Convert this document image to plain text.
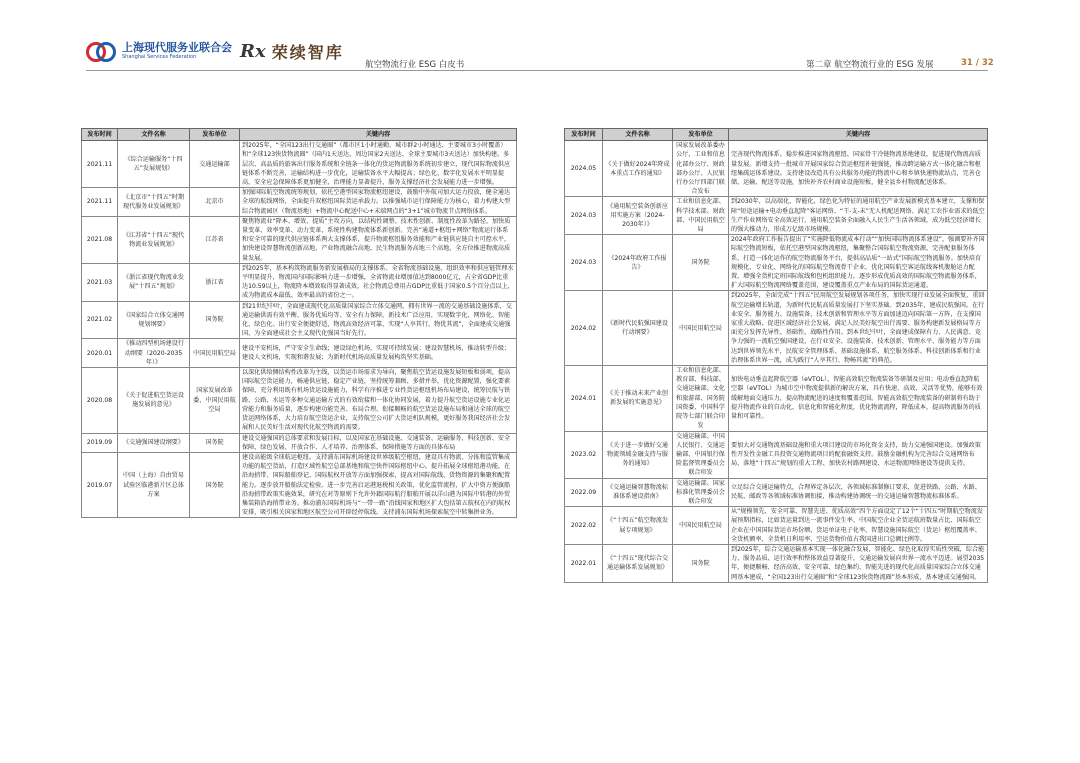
上海现代服务业联合会
Shanghai Services Federation	Rx 荣续智库
航空物流行业 ESG 白皮书	第二章 航空物流行业的 ESG 发展	31 / 32
发布时间	文件名称	发布单位	关键内容
2021.11	《综合运输服务“十四五”发展规划》	交通运输部	到2025年，“全国123出行交通圈”（都市区1小时通勤、城市群2小时通达、主要城市3小时覆盖）和“全球123快货物流圈”（国内1天送达、周边国家2天送达、全球主要城市3天送达）加快构建。多层次、高品质的旅客出行服务系统和全链条一体化的货运物流服务系统初步建立，现代国际物流供应链体系不断完善，运输结构进一步优化，运输装备水平大幅提高；绿色化、数字化发展水平明显提高，安全应急保障体系更加健全，治理能力显著提升，服务支撑经济社会发展能力进一步增强。
2021.11	《北京市“十四五”时期现代服务业发展规划》	北京市	加强国际航空物流统筹规划，依托空港型国家物流枢纽建设，鼓励中外航司加大运力投放，健全通达全球的航线网络，全面提升双枢纽国际货运承载力。以推强城市运行保障能力为核心，着力构建大型综合物流园区（物流基地）+物流中心配送中心+末端网点的“3+1”城市物流节点网络体系。
2021.08	《江苏省“十四五”现代物流业发展规划》	江苏省	聚焦物流业“降本、增效、提质”主攻方向，以结构性调整、技术性创新、制度性改革为路径，加快质量变革、效率变革、动力变革，系统性构建物流体系新创新。完善“通道+枢纽+网络”物流运行体系和安全可靠的现代供应链体系两大支撑体系，提升物流枢纽服务效能和产业链供应链自主可控水平，加快建设智慧物流创新高地、产业物流融合高地、民生物流服务高地三个高地，全方位推进物流高质量发展。
2021.03	《浙江省现代物流业发展“十四五”规划》	浙江省	到2025年，基本构筑物流服务新发展格局的支撑体系。全省物流基础设施、组织效率和供应链管理水平明显提升，物流国内国际影响力进一步增强，全省物流业增加值达到8000亿元，占全省GDP比重达10.59以上，物流降本增效取得显著成效，社会物流总费用占GDP比重低于国家0.5个百分点以上，成为物流成本最低、效率最高的省份之一。
2021.02	《国家综合立体交通网规划纲要》	国务院	到21世纪中叶，全面建成现代化高质量国家综合立体交通网，拥有世界一流的交通基础设施体系，交通运输供需有效平衡、服务优质均等、安全有力保障。新技术广泛应用，实现数字化、网络化、智能化、绿色化。出行安全便捷舒适，物流高效经济可靠，实现“人享其行、物优其流”，全面建成交通强国，为全面建成社会主义现代化强国当好先行。
2020.01	《推动四型机场建设行动纲要（2020-2035年）》	中国民用航空局	建设平安机场，严守安全生命线；建设绿色机场，实现可持续发展；建设智慧机场，推动转型升级；建设人文机场，实现和谐发展；为新时代机场高质量发展构筑坚实基础。
2020.08	《关于促进航空货运设施发展的意见》	国家发展改革委、中国民用航空局	以深化供给侧结构性改革为主线，以货运市场需求为导向，聚焦航空货运设施发展短板和弱项，提高国际航空货运能力，畅通供应链，稳定产业链，坚持统筹兼顾、多措并举，优化资源配置，强化要素保障，充分利用既有机场货运设施能力，科学有序推进专业性货运枢纽机场布局建设，统筹民航与铁路、公路、水运等多种交通运输方式的有效衔接和一体化协同发展，着力提升航空货运设施专业化运营能力和服务质量，逐步构建功能完善、布局合理、衔接顺畅的航空货运设施布局和通达全球的航空货运网络体系，大力培育航空货运企业，支持航空公司扩大货运机队规模，更好服务我国经济社会发展和人民美好生活对现代化航空物流的需要。
2019.09	《交通强国建设纲要》	国务院	建设交通强国的总体要求和发展目标，以及国家在基础设施、交通装备、运输服务、科技创新、安全保障、绿色发展、开放合作、人才培养、治理体系、保障措施等方面的具体布局
2019.07	中国（上海）自由贸易试验区临港新片区总体方案	国务院	建设高能级全球航运枢纽。支持浦东国际机场建设世界级航空枢纽，建设具有物流、分拣和监管集成功能的航空货站，打造区域性航空总部基地和航空快件国际枢纽中心。提升拓展全球枢纽港功能，在沿海捎带、国际船舶登记、国际航权开放等方面加强探索，提高对国际航线、货物资源的集聚和配置能力。逐步放开船舶法定检验。进一步完善启运港退税相关政策，优化监管流程，扩大中资方便旗船沿海捎带政策实施效果，研究在对等原则下允许外籍国际航行船舶开展以洋山港为国际中转港的外贸集装箱沿海捎带业务。推动浦东国际机场与“一带一路”沿线国家和地区扩大包括第五航权在内的航权安排，吸引相关国家和地区航空公司开辟经停航线。支持浦东国际机场探索航空中转集拼业务。
发布时间	文件名称	发布单位	关键内容
2024.05	《关于做好2024年降成本重点工作的通知》	国家发展改革委办公厅、工业和信息化部办公厅、财政部办公厅、人民银行办公厅四部门联合发布	完善现代物流体系。稳步推进国家物流枢纽、国家骨干冷链物流基地建设，促进现代物流高质量发展。新增支持一批城市开展国家综合货运枢纽补链强链，推动跨运输方式一体化融合和枢纽集疏运体系建设。支持建设改造具有公共服务功能的物流中心和乡镇快递物流站点，完善仓储、运输、配送等设施，加快补齐农村商业设施短板，健全县乡村物流配送体系。
2024.03	《通用航空装备创新应用实施方案（2024-2030年）》	工业和信息化部、科学技术部、财政部、中国民用航空局	到2030年，以高端化、智能化、绿色化为特征的通用航空产业发展新模式基本建立，支撑和保障“短途运输+电动垂直起降”客运网络、“干-支-末”无人机配送网络、满足工农作业需求的低空生产作业网络安全高效运行，通用航空装备全面融入人民生产生活各领域，成为低空经济增长的强大推动力，形成万亿级市场规模。
2024.03	《2024年政府工作报告》	国务院	2024年政府工作报告提出了“实施降低物流成本行动”“加快国际物流体系建设”，强调要补齐国际航空物流短板，依托空港型国家物流枢纽，集聚整合国际航空物流资源，完善配套服务体系，打造一体化运作的航空物流服务平台，提供高品质“一站式”国际航空物流服务。加快培育规模化、专业化、网络化的国际航空物流骨干企业，优化国际航空客运航线客机腹舱运力配置，增强全货机定班国际航线和包机组织能力，逐步形成优质高效的国际航空物流服务体系，扩大国际航空物流网络覆盖范围，建设覆盖重点产业布局的国际货运通道。
2024.02	《新时代民航强国建设行动纲要》	中国民用航空局	到2025年，全面完成“十四五”民用航空发展规划各项任务，加快实现行业发展全面恢复，重回航空运输增长轨道，为新时代民航高质量发展打下坚实基础。到2035年，建成民航强国。在行业安全、服务能力、设施装备、技术创新和管理水平等方面加速迈向国际第一方阵，在支撑国家重大战略、促进区域经济社会发展、满足人民美好航空出行需要、服务构建新发展格局等方面充分发挥先导性、基础性、战略性作用。到本世纪中叶，全面建成保障有力、人民满意、竞争力强的一流航空强国建设，在行业安全、设施装备、技术创新、管理水平、服务能力等方面达到世界领先水平，民航安全管理体系、基础设施体系、航空服务体系、科技创新体系和行业治理体系世界一流，成为践行“人享其行、物畅其流”的典范。
2024.01	《关于推动未来产业创新发展的实施意见》	工业和信息化部、教育部、科技部、交通运输部、文化和旅游部、国务院国资委、中国科学院等七部门联合印发	加快电动垂直起降航空器（eVTOL）、智能高效航空物流装备等研制及应用；电动垂直起降航空器（eVTOL）为城市空中物流提供新的解决方案，具有快速、高效、灵活等优势，能够有效缓解地面交通压力，提高物流配送的速度和覆盖范围。智能高效航空物流装备的研制将有助于提升物流作业的自动化、信息化和智能化程度，优化物流流程，降低成本，提高物流服务的质量和可靠性。
2023.02	《关于进一步做好交通物流领域金融支持与服务的通知》	交通运输部、中国人民银行、交通运输部、中国银行保险监督管理委员会联合印发	要加大对交通物流基础设施和重大项目建设的市场化资金支持，助力交通强国建设。加强政策性开发性金融工具投资交通物流项目的配套融资支持。鼓励金融机构为完善综合交通网络布局、落地“十四五”规划的重大工程、加快农村路网建设、水运物流网络建设等提供支持。
2022.09	《交通运输智慧物流标准体系建设指南》	交通运输部、国家标准化管理委员会联合印发	立足综合交通运输特点，合理界定各层次、各领域标准制修订要求，促进铁路、公路、水路、民航、邮政等各领域标准协调衔接，推动构建协调统一的交通运输智慧物流标准体系。
2022.02	《“十四五”航空物流发展专项规划》	中国民用航空局	从“规模领先、安全可靠、智慧先进、优质高效”四个方面设定了12个“十四五”时期航空物流发展预期指标，比如货运量到达一流事件发生率、中国航空企业全货运航班数量占比、国际航空企业在中国国际货运市场份额、货运单证电子化率、智慧设施国际航空（货运）枢纽覆盖率、全货机额率、全货机日利用率、空运货物价值占我国进出口总额比例等。
2022.01	《“十四五”现代综合交通运输体系发展规划》	国务院	到2025年，综合交通运输基本实现一体化融合发展，智能化、绿色化取得实质性突破，综合能力、服务品质、运行效率和整体效益显著提升，交通运输发展向世界一流水平迈进。展望2035年，便捷顺畅、经济高效、安全可靠、绿色集约、智能先进的现代化高质量国家综合立体交通网基本建成，“全国123出行交通圈”和“全球123快货物流圈”基本形成，基本建成交通强国。
